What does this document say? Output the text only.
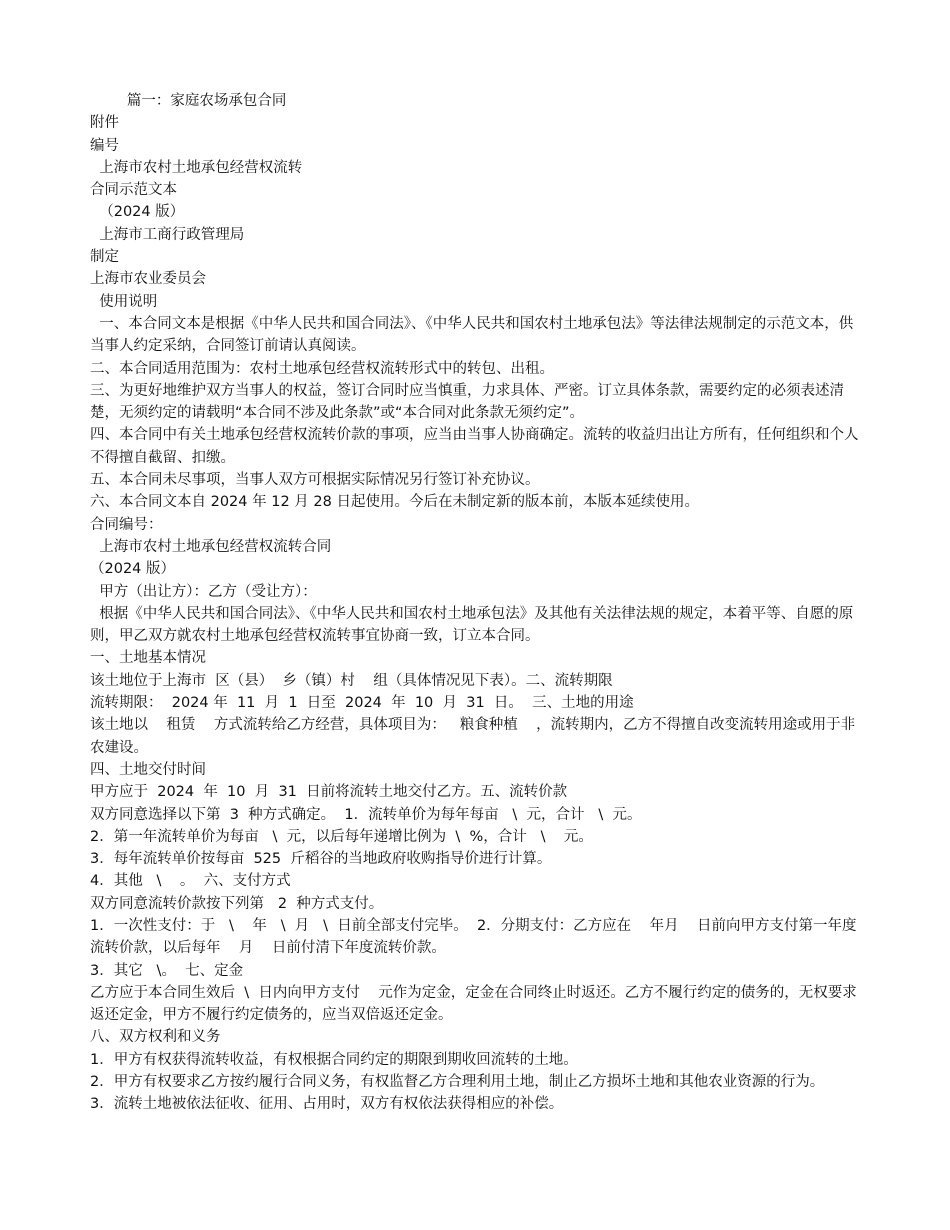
篇一：家庭农场承包合同
附件
编号
上海市农村土地承包经营权流转
合同示范文本
（2024 版）
上海市工商行政管理局
制定
上海市农业委员会
使用说明
一、本合同文本是根据《中华人民共和国合同法》、《中华人民共和国农村土地承包法》等法律法规制定的示范文本，供当事人约定采纳，合同签订前请认真阅读。
二、本合同适用范围为：农村土地承包经营权流转形式中的转包、出租。
三、为更好地维护双方当事人的权益，签订合同时应当慎重，力求具体、严密。订立具体条款，需要约定的必须表述清楚，无须约定的请载明“本合同不涉及此条款”或“本合同对此条款无须约定”。
四、本合同中有关土地承包经营权流转价款的事项，应当由当事人协商确定。流转的收益归出让方所有，任何组织和个人不得擅自截留、扣缴。
五、本合同未尽事项，当事人双方可根据实际情况另行签订补充协议。
六、本合同文本自 2024 年 12 月 28 日起使用。今后在未制定新的版本前，本版本延续使用。
合同编号：
上海市农村土地承包经营权流转合同
（2024 版）
甲方（出让方）：乙方（受让方）：
根据《中华人民共和国合同法》、《中华人民共和国农村土地承包法》及其他有关法律法规的规定，本着平等、自愿的原则，甲乙双方就农村土地承包经营权流转事宜协商一致，订立本合同。
一、土地基本情况
该土地位于上海市  区（县）  乡（镇）村    组（具体情况见下表）。二、流转期限
流转期限：  2024 年  11  月  1  日至  2024  年  10  月  31  日。  三、土地的用途
该土地以    租赁    方式流转给乙方经营，具体项目为：   粮食种植    ，流转期内，乙方不得擅自改变流转用途或用于非农建设。
四、土地交付时间
甲方应于  2024  年  10  月  31  日前将流转土地交付乙方。五、流转价款
双方同意选择以下第  3  种方式确定。  1．流转单价为每年每亩   \  元，合计   \  元。
2．第一年流转单价为每亩   \  元，以后每年递增比例为  \  %，合计   \    元。
3．每年流转单价按每亩  525  斤稻谷的当地政府收购指导价进行计算。
4．其他   \    。  六、支付方式
双方同意流转价款按下列第   2  种方式支付。
1．一次性支付：于   \    年   \  月   \  日前全部支付完毕。  2．分期支付：乙方应在    年月    日前向甲方支付第一年度流转价款，以后每年    月    日前付清下年度流转价款。
3．其它   \。  七、定金
乙方应于本合同生效后  \  日内向甲方支付    元作为定金，定金在合同终止时返还。乙方不履行约定的债务的，无权要求返还定金，甲方不履行约定债务的，应当双倍返还定金。
八、双方权利和义务
1．甲方有权获得流转收益，有权根据合同约定的期限到期收回流转的土地。
2．甲方有权要求乙方按约履行合同义务，有权监督乙方合理利用土地，制止乙方损坏土地和其他农业资源的行为。
3．流转土地被依法征收、征用、占用时，双方有权依法获得相应的补偿。
